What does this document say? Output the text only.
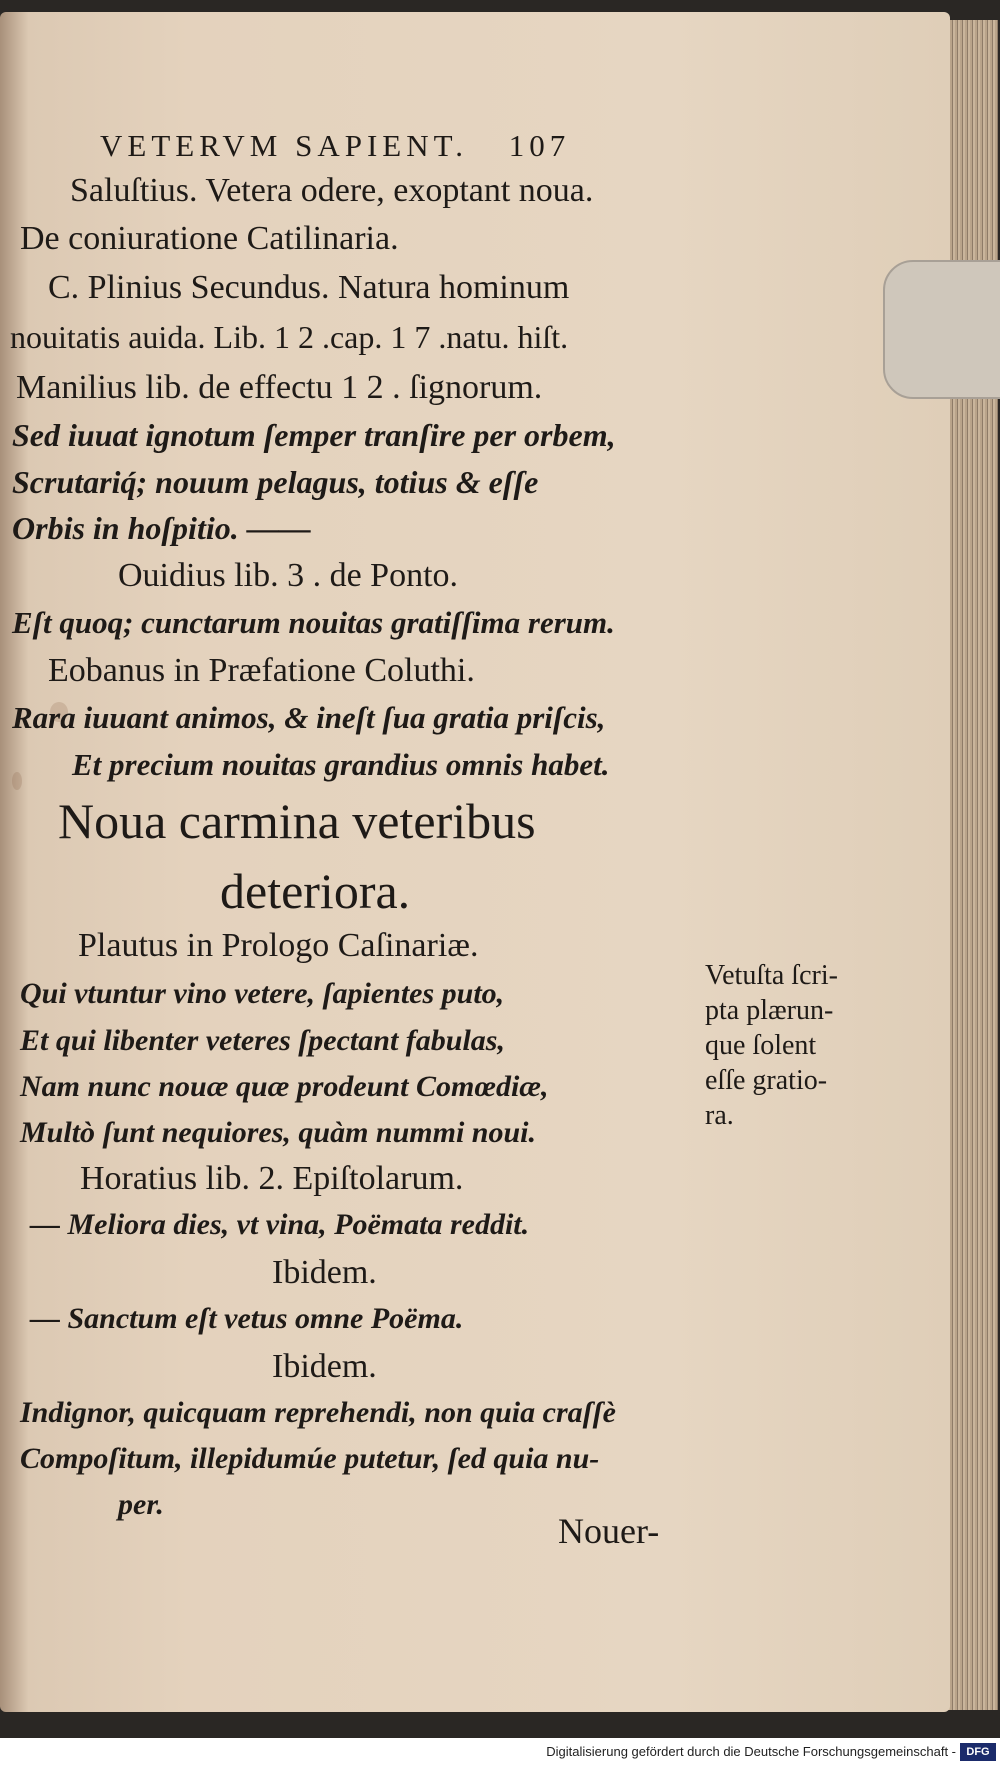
VETERVM SAPIENT. 107
Saluſtius. Vetera odere, exoptant noua.
De coniuratione Catilinaria.
C. Plinius Secundus. Natura hominum
nouitatis auida. Lib. 1 2 .cap. 1 7 .natu. hiſt.
Manilius lib. de effectu 1 2 . ſignorum.
Sed iuuat ignotum ſemper tranſire per orbem,
Scrutariq́; nouum pelagus, totius & eſſe
Orbis in hoſpitio. ——
Ouidius lib. 3 . de Ponto.
Eſt quoq; cunctarum nouitas gratiſſima rerum.
Eobanus in Præfatione Coluthi.
Rara iuuant animos, & ineſt ſua gratia priſcis,
Et precium nouitas grandius omnis habet.
Noua carmina veteribus
deteriora.
Plautus in Prologo Caſinariæ.
Qui vtuntur vino vetere, ſapientes puto,
Et qui libenter veteres ſpectant fabulas,
Nam nunc nouæ quæ prodeunt Comœdiæ,
Multò ſunt nequiores, quàm nummi noui.
Horatius lib. 2. Epiſtolarum.
— Meliora dies, vt vina, Poëmata reddit.
Ibidem.
— Sanctum eſt vetus omne Poëma.
Ibidem.
Indignor, quicquam reprehendi, non quia craſſè
Compoſitum, illepidumúe putetur, ſed quia nu-
per.
Nouer-
Vetuſta ſcri-
pta plærun-
que ſolent
eſſe gratio-
ra.
Digitalisierung gefördert durch die Deutsche Forschungsgemeinschaft - DFG
